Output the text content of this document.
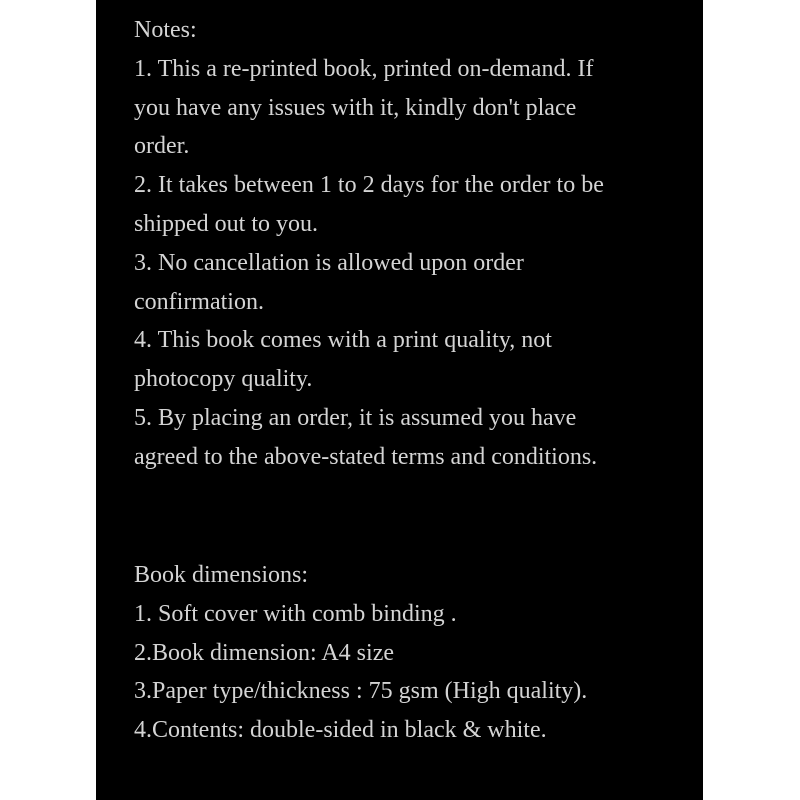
Notes:
1. This a re-printed book, printed on-demand. If
you have any issues with it, kindly don't place
order.
2. It takes between 1 to 2 days for the order to be
shipped out to you.
3. No cancellation is allowed upon order
confirmation.
4. This book comes with a print quality, not
photocopy quality.
5. By placing an order, it is assumed you have
agreed to the above-stated terms and conditions.
Book dimensions:
1. Soft cover with comb binding .
2.Book dimension: A4 size
3.Paper type/thickness : 75 gsm (High quality).
4.Contents: double-sided in black & white.
